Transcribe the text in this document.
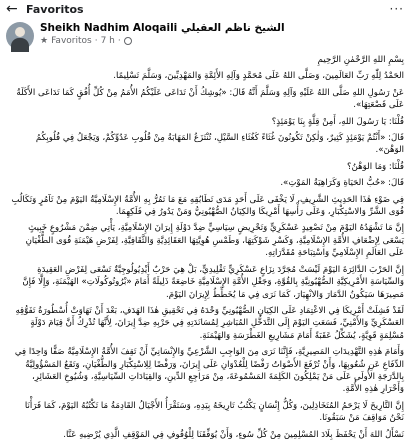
← Favoritos
Sheikh Nadhim Aloqaili الشيخ ناظم العقيلي
★ Favoritos · 7 h ·
···

بِسْمِ اللهِ الرَّحْمٰنِ الرَّحِيمِ

الحَمْدُ لِلّٰهِ رَبِّ العَالَمِينَ، وَصَلَّى اللهُ عَلَى مُحَمَّدٍ وَآلِهِ الأَئِمَّةِ وَالمَهْدِيِّينَ، وَسَلَّمَ تَسْلِيمًا.

عَنْ رَسُولِ اللهِ صَلَّى اللهُ عَلَيْهِ وَآلِهِ وَسَلَّمَ أَنَّهُ قَالَ: «يُوشِكُ أَنْ تَدَاعَى عَلَيْكُمُ الأُمَمُ مِنْ كُلِّ أُفُقٍ كَمَا تَدَاعَى الأَكَلَةُ عَلَى قَصْعَتِهَا».

قُلْنَا: يَا رَسُولَ اللهِ، أَمِنْ قِلَّةٍ بِنَا يَوْمَئِذٍ؟

قَالَ: «أَنْتُمْ يَوْمَئِذٍ كَثِيرٌ، وَلٰكِنْ تَكُونُونَ غُثَاءً كَغُثَاءِ السَّيْلِ، تُنْتَزَعُ المَهَابَةُ مِنْ قُلُوبِ عَدُوِّكُمْ، وَيَجْعَلُ فِي قُلُوبِكُمُ الوَهْنَ».

قُلْنَا: وَمَا الوَهْنُ؟

قَالَ: «حُبُّ الحَيَاةِ وَكَرَاهِيَةُ المَوْتِ».

فِي ضَوْءِ هٰذَا الحَدِيثِ الشَّرِيفِ، لَا يَخْفَى عَلَى أَحَدٍ مَدَى تَطَابُقِهِ مَعَ مَا تَمُرُّ بِهِ الأُمَّةُ الإِسْلَامِيَّةُ اليَوْمَ مِنْ تَآمُرٍ وَتَكَالُبِ قُوَى الشَّرِّ وَالاسْتِكْبَارِ، وَعَلَى رَأْسِهَا أَمْرِيكَا وَالكِيَانُ الصُّهْيُونِيُّ وَمَنْ يَدُورُ فِي فَلَكِهِمَا.

إِنَّ مَا تَشْهَدُهُ اليَوْمَ مِنْ تَصْعِيدٍ عَسْكَرِيٍّ وَتَحْرِيضٍ سِيَاسِيٍّ ضِدَّ دَوْلَةِ إِيرَانَ الإِسْلَامِيَّةِ، يَأْتِي ضِمْنَ مَشْرُوعٍ خَبِيثٍ يَسْعَى لِإِضْعَافِ الأُمَّةِ الإِسْلَامِيَّةِ، وَكَسْرِ شَوْكَتِهَا، وَطَمْسِ هُوِيَّتِهَا العَقَائِدِيَّةِ وَالثَّقَافِيَّةِ، لِفَرْضِ هَيْمَنَةِ قُوَى الطُّغْيَانِ عَلَى العَالَمِ الإِسْلَامِيِّ وَاسْتِبَاحَةِ مُقَدَّرَاتِهِ.

إِنَّ الحَرْبَ الدَّائِرَةَ اليَوْمَ لَيْسَتْ مُجَرَّدَ نِزَاعٍ عَسْكَرِيٍّ تَقْلِيدِيٍّ، بَلْ هِيَ حَرْبٌ أَيْدِيُولُوجِيَّةٌ تَسْعَى لِفَرْضِ العَقِيدَةِ وَالسِّيَاسَةِ الأَمْرِيكِيَّةِ الصُّهْيُونِيَّةِ بِالقُوَّةِ، وَجَعْلِ الأُمَّةِ الإِسْلَامِيَّةِ خَاضِعَةً ذَلِيلَةً أَمَامَ «بْرُوتُوكُولَاتِ» الهَيْمَنَةِ، وَإِلَّا فَإِنَّ مَصِيرَهَا سَيَكُونُ الدَّمَارَ وَالانْهِيَارَ، كَمَا نَرَى فِي مَا يُخَطِّطُ لِإِيرَانَ اليَوْمَ.

لَقَدْ فَشِلَتْ أَمْرِيكَا فِي الاعْتِمَادِ عَلَى الكِيَانِ الصُّهْيُونِيِّ وَحْدَهُ فِي تَحْقِيقِ هٰذَا الهَدَفِ، بَعْدَ أَنْ تَهَاوَتْ أُسْطُورَةُ تَفَوُّقِهِ العَسْكَرِيِّ وَالأَمْنِيِّ، فَسَعَتِ اليَوْمَ إِلَى التَّدَخُّلِ المُبَاشِرِ لِمُسَانَدَتِهِ فِي حَرْبِهِ ضِدَّ إِيرَانَ، لِأَنَّهَا تُدْرِكُ أَنَّ قِيَامَ دَوْلَةٍ مُسْلِمَةٍ قَوِيَّةٍ، يُشَكِّلُ عَقَبَةً أَمَامَ مَشَارِيعِ الغَطْرَسَةِ وَالهَيْمَنَةِ.

وَأَمَامَ هٰذِهِ التَّهْدِيدَاتِ المَصِيرِيَّةِ، فَإِنَّنَا نَرَى مِنَ الوَاجِبِ الشَّرْعِيِّ وَالإِنْسَانِيِّ أَنْ تَقِفَ الأُمَّةُ الإِسْلَامِيَّةُ صَفًّا وَاحِدًا فِي الدِّفَاعِ عَنِ شُعُوبِهَا، وَأَنْ تُرْفَعَ الأَصْوَاتُ رَفْضًا لِلْعُدْوَانِ عَلَى إِيرَانَ، وَرَفْضًا لِلِاسْتِكْبَارِ وَالطُّغْيَانِ، وَتَقَعُ المَسْؤُولِيَّةُ بِالدَّرَجَةِ الأُولَى عَلَى مَنْ يَمْلِكُونَ الكَلِمَةَ المَسْمُوعَةَ، مِنْ مَرَاجِعِ الدِّينِ، وَالقِيَادَاتِ السِّيَاسِيَّةِ، وَشُيُوخِ العَشَائِرِ، وَأَحْرَارِ هٰذِهِ الأُمَّةِ.

إِنَّ التَّارِيخَ لَا يَرْحَمُ المُتَخَاذِلِينَ، وَكُلُّ إِنْسَانٍ يَكْتُبُ تَارِيخَهُ بِيَدِهِ، وَسَتَقْرَأُ الأَجْيَالُ القَادِمَةُ مَا تَكْتُبُهُ اليَوْمَ، كَمَا قَرَأْنَا نَحْنُ مَوَاقِفَ مَنْ سَبَقُونَا.

نَسْأَلُ اللهَ أَنْ يَحْفَظَ بِلَادَ المُسْلِمِينَ مِنْ كُلِّ سُوءٍ، وَأَنْ يُوَفِّقَنَا لِلْوُقُوفِ فِي المَوْقِفِ الَّذِي يُرْضِيهِ عَنَّا.
